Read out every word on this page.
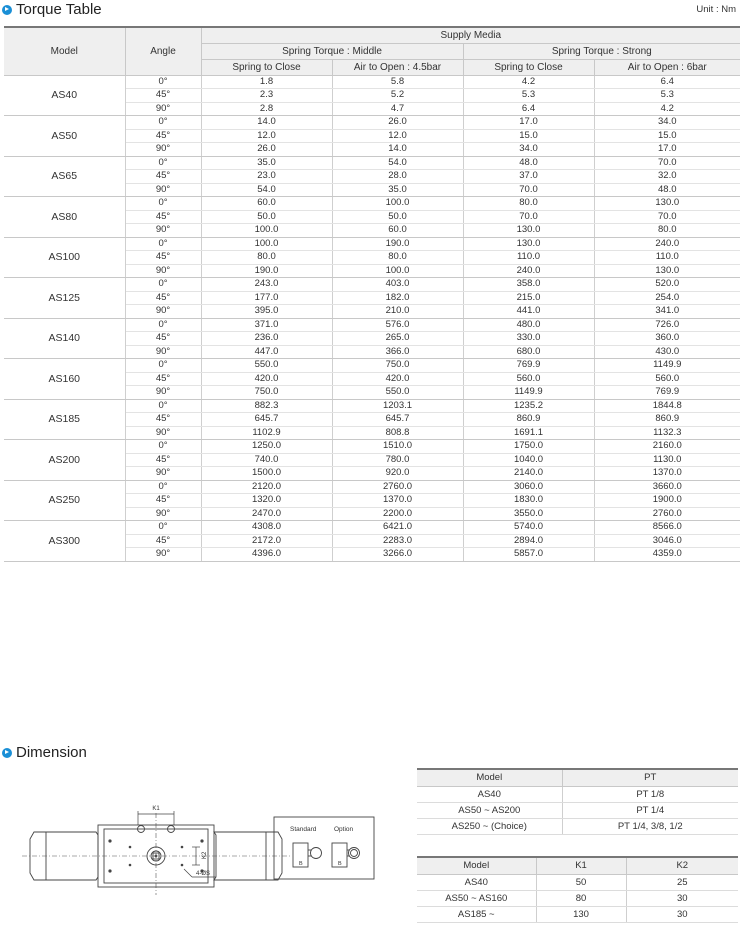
Torque Table	Unit : Nm
Model	Angle	Supply Media			
		Spring Torque : Middle		Spring Torque : Strong	
		Spring to Close	Air to Open : 4.5bar	Spring to Close	Air to Open : 6bar
AS40	0°	1.8	5.8	4.2	6.4
	45°	2.3	5.2	5.3	5.3
	90°	2.8	4.7	6.4	4.2
AS50	0°	14.0	26.0	17.0	34.0
	45°	12.0	12.0	15.0	15.0
	90°	26.0	14.0	34.0	17.0
AS65	0°	35.0	54.0	48.0	70.0
	45°	23.0	28.0	37.0	32.0
	90°	54.0	35.0	70.0	48.0
AS80	0°	60.0	100.0	80.0	130.0
	45°	50.0	50.0	70.0	70.0
	90°	100.0	60.0	130.0	80.0
AS100	0°	100.0	190.0	130.0	240.0
	45°	80.0	80.0	110.0	110.0
	90°	190.0	100.0	240.0	130.0
AS125	0°	243.0	403.0	358.0	520.0
	45°	177.0	182.0	215.0	254.0
	90°	395.0	210.0	441.0	341.0
AS140	0°	371.0	576.0	480.0	726.0
	45°	236.0	265.0	330.0	360.0
	90°	447.0	366.0	680.0	430.0
AS160	0°	550.0	750.0	769.9	1149.9
	45°	420.0	420.0	560.0	560.0
	90°	750.0	550.0	1149.9	769.9
AS185	0°	882.3	1203.1	1235.2	1844.8
	45°	645.7	645.7	860.9	860.9
	90°	1102.9	808.8	1691.1	1132.3
AS200	0°	1250.0	1510.0	1750.0	2160.0
	45°	740.0	780.0	1040.0	1130.0
	90°	1500.0	920.0	2140.0	1370.0
AS250	0°	2120.0	2760.0	3060.0	3660.0
	45°	1320.0	1370.0	1830.0	1900.0
	90°	2470.0	2200.0	3550.0	2760.0
AS300	0°	4308.0	6421.0	5740.0	8566.0
	45°	2172.0	2283.0	2894.0	3046.0
	90°	4396.0	3266.0	5857.0	4359.0
Dimension
K1
K2
4-ØS
Standard	Option
B	B
Model	PT
AS40	PT 1/8
AS50 ~ AS200	PT 1/4
AS250 ~ (Choice)	PT 1/4, 3/8, 1/2
Model	K1	K2
AS40	50	25
AS50 ~ AS160	80	30
AS185 ~	130	30
